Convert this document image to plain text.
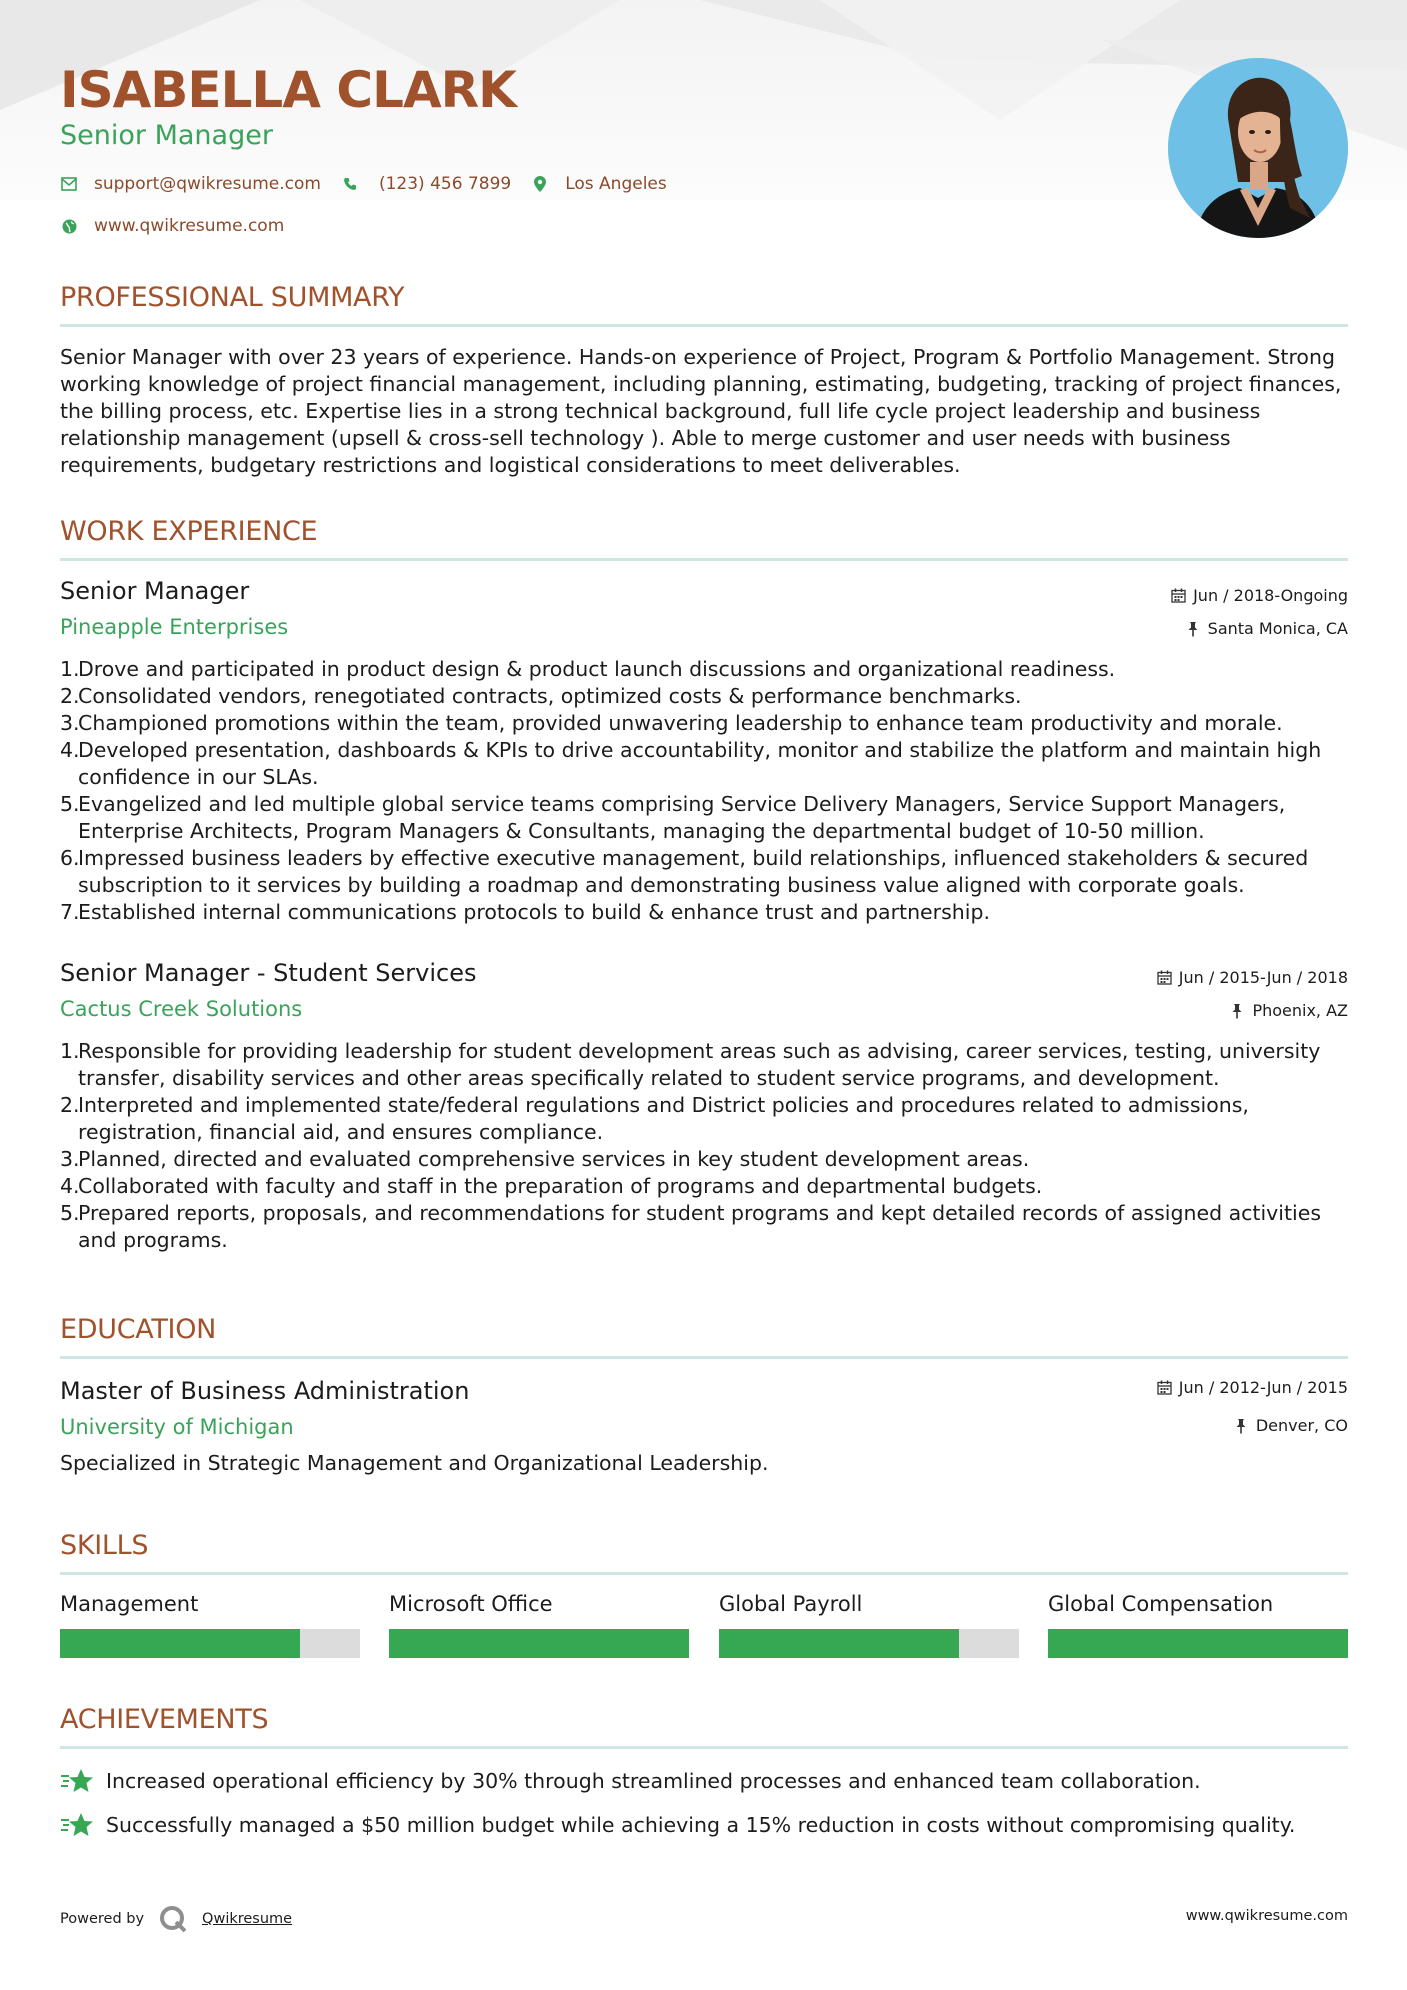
ISABELLA CLARK
Senior Manager
support@qwikresume.com	(123) 456 7899	Los Angeles
www.qwikresume.com
PROFESSIONAL SUMMARY

Senior Manager with over 23 years of experience. Hands-on experience of Project, Program & Portfolio Management. Strong working knowledge of project financial management, including planning, estimating, budgeting, tracking of project finances, the billing process, etc. Expertise lies in a strong technical background, full life cycle project leadership and business relationship management (upsell & cross-sell technology ). Able to merge customer and user needs with business requirements, budgetary restrictions and logistical considerations to meet deliverables.

WORK EXPERIENCE
Senior Manager
Pineapple Enterprises
Jun / 2018-Ongoing
Santa Monica, CA
1.
Drove and participated in product design & product launch discussions and organizational readiness.
2.
Consolidated vendors, renegotiated contracts, optimized costs & performance benchmarks.
3.
Championed promotions within the team, provided unwavering leadership to enhance team productivity and morale.
4.
Developed presentation, dashboards & KPIs to drive accountability, monitor and stabilize the platform and maintain high confidence in our SLAs.
5.
Evangelized and led multiple global service teams comprising Service Delivery Managers, Service Support Managers, Enterprise Architects, Program Managers & Consultants, managing the departmental budget of 10-50 million.
6.
Impressed business leaders by effective executive management, build relationships, influenced stakeholders & secured subscription to it services by building a roadmap and demonstrating business value aligned with corporate goals.
7.
Established internal communications protocols to build & enhance trust and partnership.
Senior Manager - Student Services
Cactus Creek Solutions
Jun / 2015-Jun / 2018
Phoenix, AZ
1.
Responsible for providing leadership for student development areas such as advising, career services, testing, university transfer, disability services and other areas specifically related to student service programs, and development.
2.
Interpreted and implemented state/federal regulations and District policies and procedures related to admissions, registration, financial aid, and ensures compliance.
3.
Planned, directed and evaluated comprehensive services in key student development areas.
4.
Collaborated with faculty and staff in the preparation of programs and departmental budgets.
5.
Prepared reports, proposals, and recommendations for student programs and kept detailed records of assigned activities and programs.
EDUCATION
Master of Business Administration
University of Michigan
Jun / 2012-Jun / 2015
Denver, CO

Specialized in Strategic Management and Organizational Leadership.

SKILLS
Management	Microsoft Office	Global Payroll	Global Compensation
ACHIEVEMENTS
Increased operational efficiency by 30% through streamlined processes and enhanced team collaboration.
Successfully managed a $50 million budget while achieving a 15% reduction in costs without compromising quality.
Powered by	Qwikresume	www.qwikresume.com
